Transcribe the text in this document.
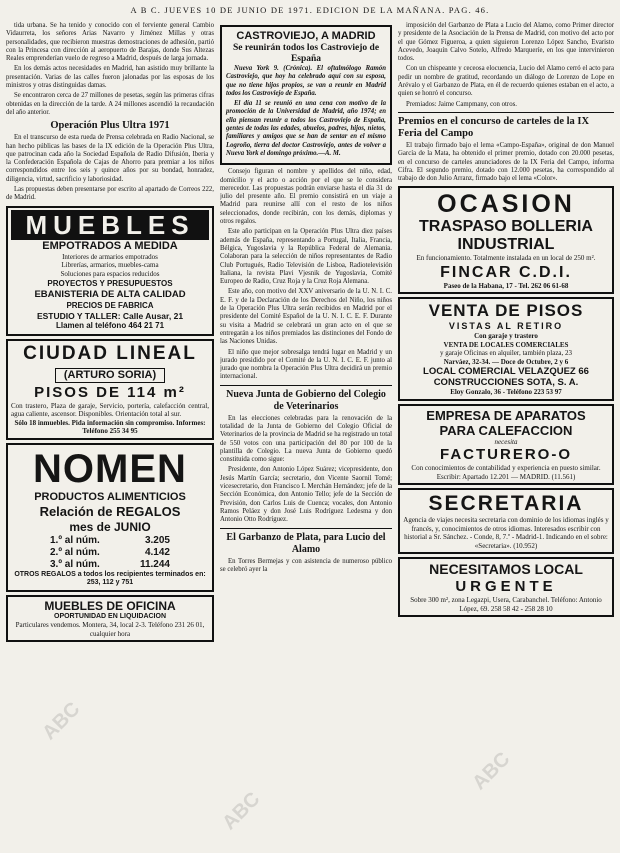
A B C. JUEVES 10 DE JUNIO DE 1971. EDICION DE LA MAÑANA. PAG. 46.

tida urbana. Se ha tenido y conocido con el ferviente general Cambio Vidaurreta, los señores Arias Navarro y Jiménez Millas y otras personalidades, que recibieron muestras demostraciones de adhesión, partió con la Princesa con dirección al aeropuerto de Barajas, donde Sus Altezas Reales emprenderían vuelo de regreso a Madrid, después de larga jornada.

En los demás actos necesidades en Madrid, han asistido muy brillante la presentación. Varias de las calles fueron jalonadas por las esposas de los ministros y otras distinguidas damas.

Se encontraron cerca de 27 millones de pesetas, según las primeras cifras obtenidas en la dirección de la tarde. A 24 millones ascendió la recaudación del año anterior.

Operación Plus Ultra 1971

En el transcurso de esta rueda de Prensa celebrada en Radio Nacional, se han hecho públicas las bases de la IX edición de la Operación Plus Ultra, que patrocinan cada año la Sociedad Española de Radio Difusión, Iberia y la Confederación Española de Cajas de Ahorro para premiar a los niños correspondidos entre los seis y quince años por su bondad, honradez, diligencia, virtud, sacrificio y laboriosidad.

Las propuestas deben presentarse por escrito al apartado de Correos 222, de Madrid.

MUEBLES
EMPOTRADOS A MEDIDA
Interiores de armarios empotrados
Librerías, armarios, muebles-cama
Soluciones para espacios reducidos
PROYECTOS Y PRESUPUESTOS
EBANISTERIA DE ALTA CALIDAD
PRECIOS DE FABRICA
ESTUDIO Y TALLER: Calle Ausar, 21
Llamen al teléfono 464 21 71
CIUDAD LINEAL
(ARTURO SORIA)
PISOS DE 114 m²
Con trastero, Plaza de garaje, Servicio, portería, calefacción central, agua caliente, ascensor. Disponibles. Orientación total al sur.
Sólo 18 inmuebles. Pida información sin compromiso. Informes: Teléfono 255 34 95
NOMEN
PRODUCTOS ALIMENTICIOS
Relación de REGALOS
mes de JUNIO
1.º al núm.	3.205
2.º al núm.	4.142
3.º al núm.	11.244
OTROS REGALOS a todos los recipientes terminados en: 253, 112 y 751
MUEBLES DE OFICINA
OPORTUNIDAD EN LIQUIDACION
Particulares vendemos. Montera, 34, local 2-3. Teléfono 231 26 01, cualquier hora
CASTROVIEJO, A MADRID
Se reunirán todos los Castroviejo de España

Nueva York 9. (Crónica). El oftalmólogo Ramón Castroviejo, que hoy ha celebrado aquí con su esposa, que no tiene hijos propios, se van a reunir en Madrid todos los Castroviejo de España.

El día 11 se reunió en una cena con motivo de la promoción de la Universidad de Madrid, año 1974; en ella piensan reunir a todos los Castroviejo de España, gentes de todas las edades, abuelos, padres, hijos, nietos, familiares y amigos que se han de sentar en el mismo Logroño, tierra del doctor Castroviejo, antes de volver a Nueva York el domingo próximo.—A. M.

Consejo figuran el nombre y apellidos del niño, edad, domicilio y el acto o acción por el que se le considera merecedor. Las propuestas podrán enviarse hasta el día 31 de julio del presente año. El premio consistirá en un viaje a Madrid para reunirse allí con el resto de los niños seleccionados, donde recibirán, con los demás, diplomas y otros regalos.

Este año participan en la Operación Plus Ultra diez países además de España, representando a Portugal, Italia, Francia, Bélgica, Yugoslavia y la República Federal de Alemania. Colaboran para la selección de niños representantes de Radio Club Portugués, Radio Televisión de Lisboa, Radiotelevisión Italiana, la revista Plavi Vjesnik de Yugoslavia, Comité Europeo de Radio, Cruz Roja y la Cruz Roja Alemana.

Este año, con motivo del XXV aniversario de la U. N. I. C. E. F. y de la Declaración de los Derechos del Niño, los niños de la Operación Plus Ultra serán recibidos en Madrid por el presidente del Comité Español de la U. N. I. C. E. F. Durante su visita a Madrid se celebrará un gran acto en el que se entregarán a los niños premiados las distinciones del Fondo de las Naciones Unidas.

El niño que mejor sobresalga tendrá lugar en Madrid y un jurado presidido por el Comité de la U. N. I. C. E. F. junto al jurado que nombra la Operación Plus Ultra decidirá un premio internacional.

Nueva Junta de Gobierno del Colegio de Veterinarios

En las elecciones celebradas para la renovación de la totalidad de la Junta de Gobierno del Colegio Oficial de Veterinarios de la provincia de Madrid se ha registrado un total de 550 votos con una participación del 80 por 100 de la plantilla de Colegio. La nueva Junta de Gobierno quedó constituida como sigue:

Presidente, don Antonio López Suárez; vicepresidente, don Jesús Martín García; secretario, don Vicente Saornil Tomé; vicesecretario, don Francisco I. Merchán Hernández; jefe de la Sección Económica, don Antonio Tello; jefe de la Sección de Previsión, don Carlos Luis de Cuenca; vocales, don Antonio Ramos Peláez y don José Luis Rodríguez Ledesma y don Antonio Otto Rodríguez.

El Garbanzo de Plata, para Lucio del Alamo

En Torres Bermejas y con asistencia de numeroso público se celebró ayer la

imposición del Garbanzo de Plata a Lucio del Alamo, como Primer director y presidente de la Asociación de la Prensa de Madrid, con motivo del acto por el que Gómez Figueroa, a quien siguieron Lorenzo López Sancho, Evaristo Acevedo, Joaquín Calvo Sotelo, Alfredo Marqueríe, en los que intervinieron todos.

Con un chispeante y ceceosa elocuencia, Lucio del Alamo cerró el acto para pedir un nombre de gratitud, recordando un diálogo de Lorenzo de Lope en Arévalo y el Garbanzo de Plata, en él de recuerdo quienes estaban en el acto, a quien se honró el concurso.

Premiados: Jaime Campmany, con otros.

Premios en el concurso de carteles de la IX Feria del Campo

El trabajo firmado bajo el lema «Campo-España», original de don Manuel García de la Mata, ha obtenido el primer premio, dotado con 20.000 pesetas, en el concurso de carteles anunciadores de la IX Feria del Campo, informa Cifra. El segundo premio, dotado con 12.000 pesetas, ha correspondido al trabajo de don Julio Arranz, firmado bajo el lema «Color».

OCASION
TRASPASO BOLLERIA
INDUSTRIAL
En funcionamiento. Totalmente instalada en un local de 250 m².
FINCAR C.D.I.
Paseo de la Habana, 17 - Tel. 262 06 61-68
VENTA DE PISOS
VISTAS AL RETIRO
Con garaje y trastero
VENTA DE LOCALES COMERCIALES
y garaje Oficinas en alquiler, también plaza, 23
Narváez, 32-34. — Doce de Octubre, 2 y 6
LOCAL COMERCIAL VELAZQUEZ 66
CONSTRUCCIONES SOTA, S. A.
Eloy Gonzalo, 36 - Teléfono 223 53 97
EMPRESA DE APARATOS
PARA CALEFACCION
necesita
FACTURERO-O
Con conocimientos de contabilidad y experiencia en puesto similar. Escribir: Apartado 12.201 — MADRID. (11.561)
SECRETARIA
Agencia de viajes necesita secretaria con dominio de los idiomas inglés y francés, y, conocimientos de otros idiomas. Interesados escribir con historial a Sr. Sánchez. - Conde, 8, 7.º - Madrid-1. Indicando en el sobre: «Secretaria». (10.952)
NECESITAMOS LOCAL
URGENTE
Sobre 300 m², zona Legazpi, Usera, Carabanchel. Teléfono: Antonio López, 69. 258 58 42 - 258 28 10
ABC
ABC
ABC
